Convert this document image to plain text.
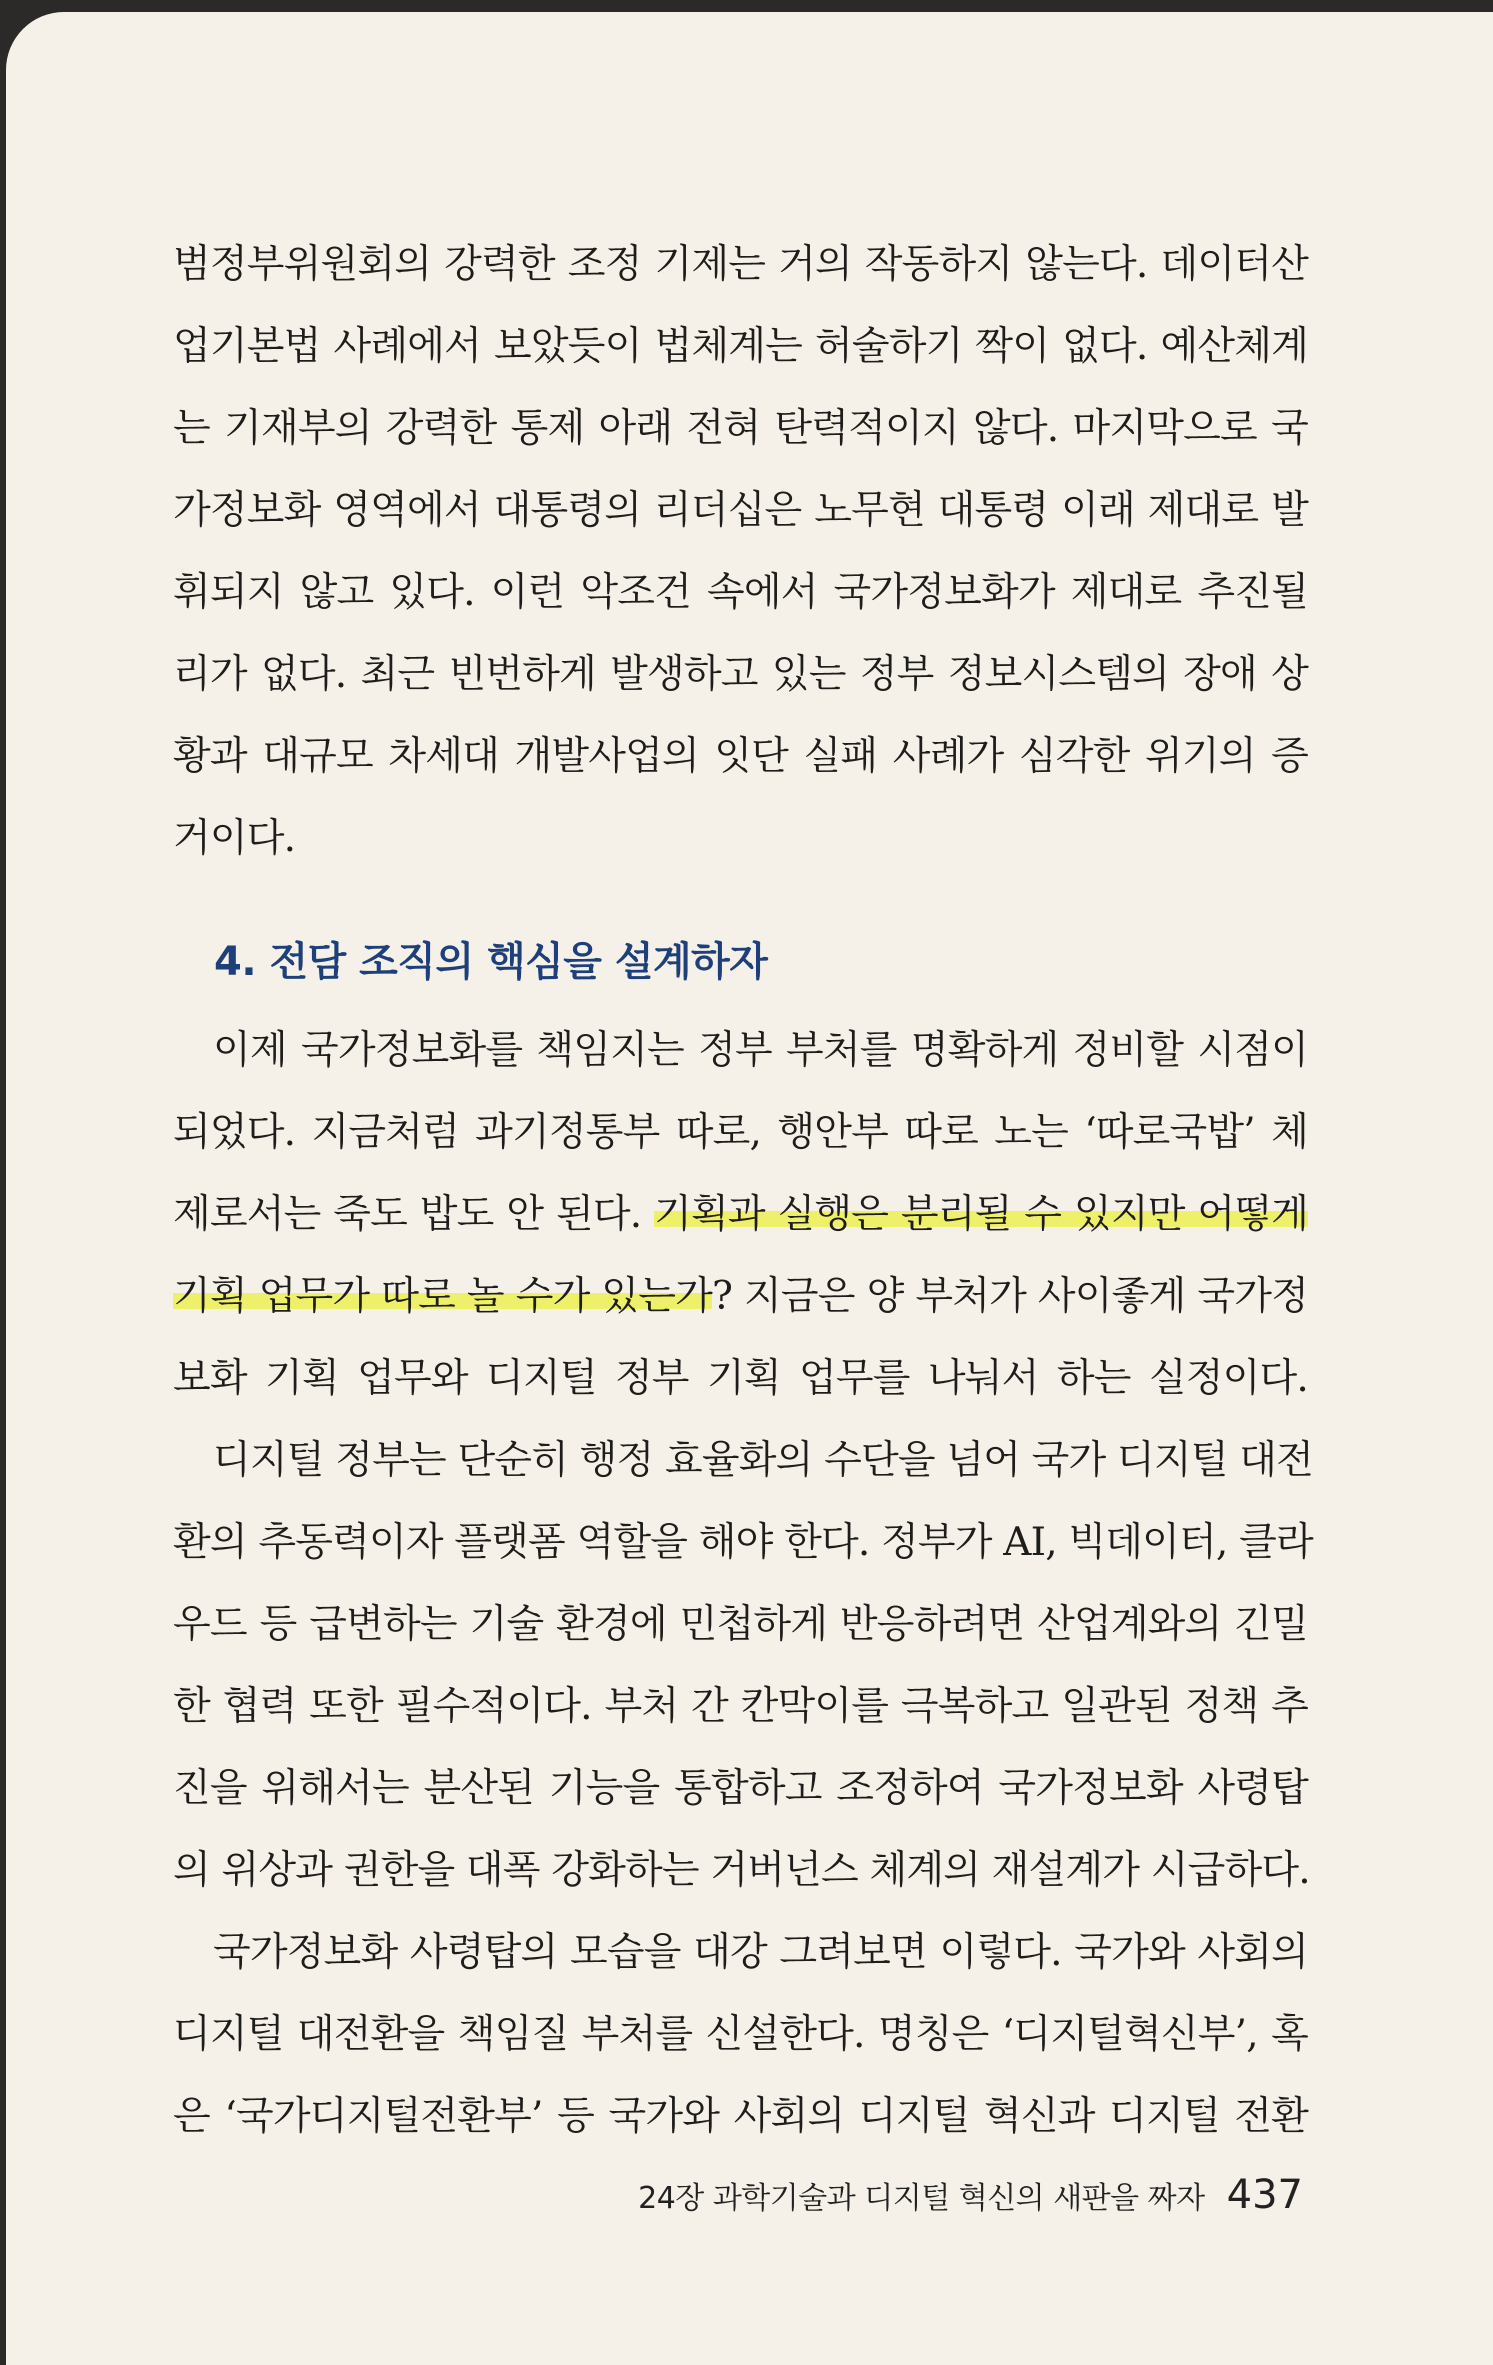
범정부위원회의 강력한 조정 기제는 거의 작동하지 않는다. 데이터산
업기본법 사례에서 보았듯이 법체계는 허술하기 짝이 없다. 예산체계
는 기재부의 강력한 통제 아래 전혀 탄력적이지 않다. 마지막으로 국
가정보화 영역에서 대통령의 리더십은 노무현 대통령 이래 제대로 발
휘되지 않고 있다. 이런 악조건 속에서 국가정보화가 제대로 추진될
리가 없다. 최근 빈번하게 발생하고 있는 정부 정보시스템의 장애 상
황과 대규모 차세대 개발사업의 잇단 실패 사례가 심각한 위기의 증
거이다.
4. 전담 조직의 핵심을 설계하자
이제 국가정보화를 책임지는 정부 부처를 명확하게 정비할 시점이
되었다. 지금처럼 과기정통부 따로, 행안부 따로 노는 ‘따로국밥’ 체
제로서는 죽도 밥도 안 된다. 기획과 실행은 분리될 수 있지만 어떻게
기획 업무가 따로 놀 수가 있는가? 지금은 양 부처가 사이좋게 국가정
보화 기획 업무와 디지털 정부 기획 업무를 나눠서 하는 실정이다.
디지털 정부는 단순히 행정 효율화의 수단을 넘어 국가 디지털 대전
환의 추동력이자 플랫폼 역할을 해야 한다. 정부가 AI, 빅데이터, 클라
우드 등 급변하는 기술 환경에 민첩하게 반응하려면 산업계와의 긴밀
한 협력 또한 필수적이다. 부처 간 칸막이를 극복하고 일관된 정책 추
진을 위해서는 분산된 기능을 통합하고 조정하여 국가정보화 사령탑
의 위상과 권한을 대폭 강화하는 거버넌스 체계의 재설계가 시급하다.
국가정보화 사령탑의 모습을 대강 그려보면 이렇다. 국가와 사회의
디지털 대전환을 책임질 부처를 신설한다. 명칭은 ‘디지털혁신부’, 혹
은 ‘국가디지털전환부’ 등 국가와 사회의 디지털 혁신과 디지털 전환
24장 과학기술과 디지털 혁신의 새판을 짜자 437
